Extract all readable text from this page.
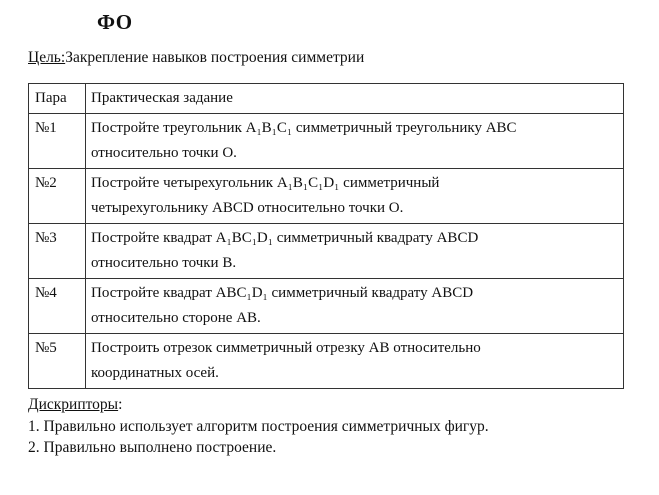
ФО
Цель:Закрепление навыков построения симметрии
Пара	Практическая задание
№1	Постройте треугольник A₁B₁C₁ симметричный треугольнику ABC
относительно точки О.

№2	Постройте четырехугольник A₁B₁C₁D₁ симметричный
четырехугольнику ABCD относительно точки О.

№3	Постройте квадрат A₁BC₁D₁ симметричный квадрату ABCD
относительно точки В.

№4	Постройте квадрат ABC₁D₁ симметричный квадрату ABCD
относительно стороне AB.

№5	Построить отрезок симметричный отрезку AB относительно
координатных осей.
Дискрипторы:
1. Правильно использует алгоритм построения симметричных фигур.
2. Правильно выполнено построение.
